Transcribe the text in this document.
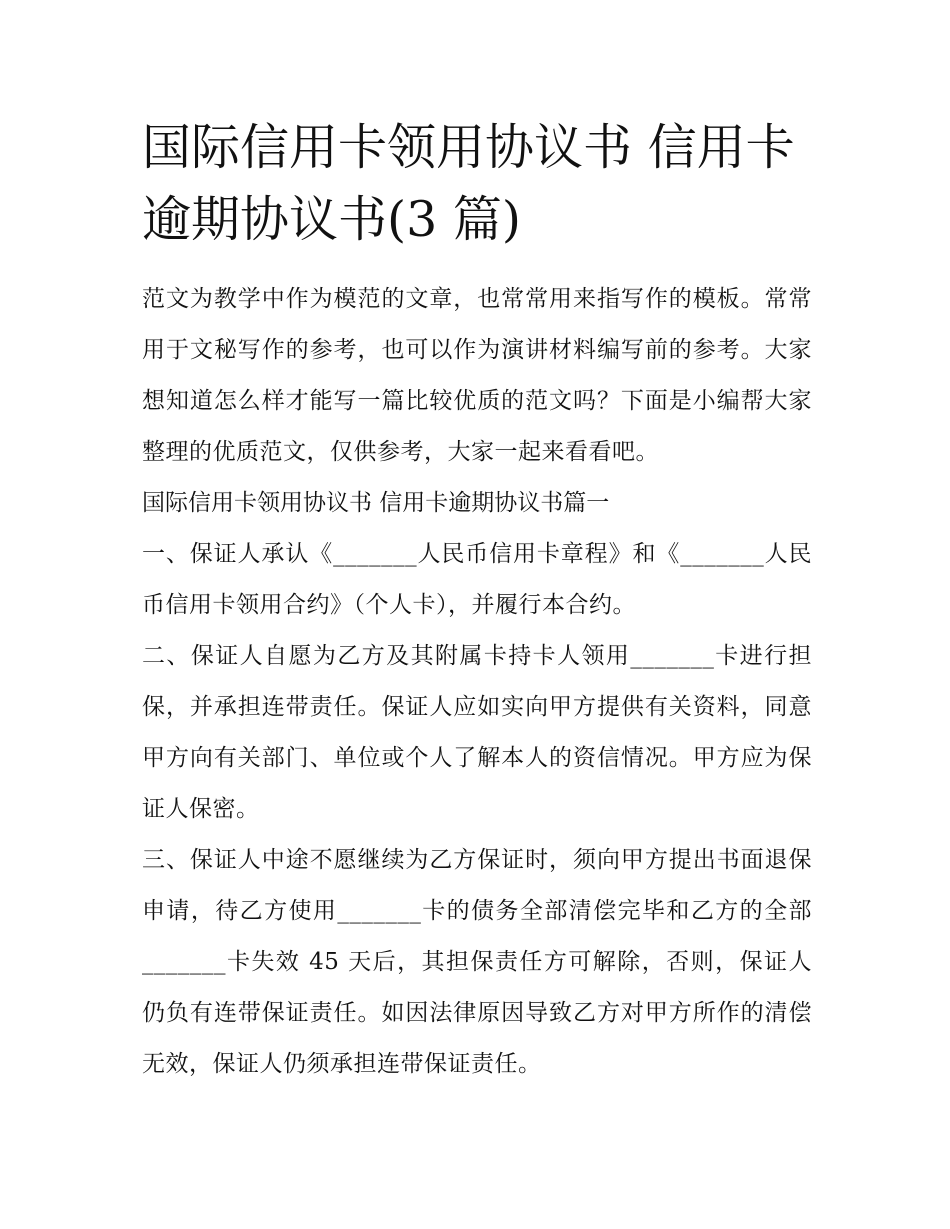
国际信用卡领用协议书 信用卡逾期协议书(3 篇)

范文为教学中作为模范的文章，也常常用来指写作的模板。常常用于文秘写作的参考，也可以作为演讲材料编写前的参考。大家想知道怎么样才能写一篇比较优质的范文吗？下面是小编帮大家整理的优质范文，仅供参考，大家一起来看看吧。

国际信用卡领用协议书 信用卡逾期协议书篇一

一、保证人承认《_______人民币信用卡章程》和《_______人民币信用卡领用合约》（个人卡），并履行本合约。

二、保证人自愿为乙方及其附属卡持卡人领用_______卡进行担保，并承担连带责任。保证人应如实向甲方提供有关资料，同意甲方向有关部门、单位或个人了解本人的资信情况。甲方应为保证人保密。

三、保证人中途不愿继续为乙方保证时，须向甲方提出书面退保申请，待乙方使用_______卡的债务全部清偿完毕和乙方的全部_______卡失效 45 天后，其担保责任方可解除，否则，保证人仍负有连带保证责任。如因法律原因导致乙方对甲方所作的清偿无效，保证人仍须承担连带保证责任。
